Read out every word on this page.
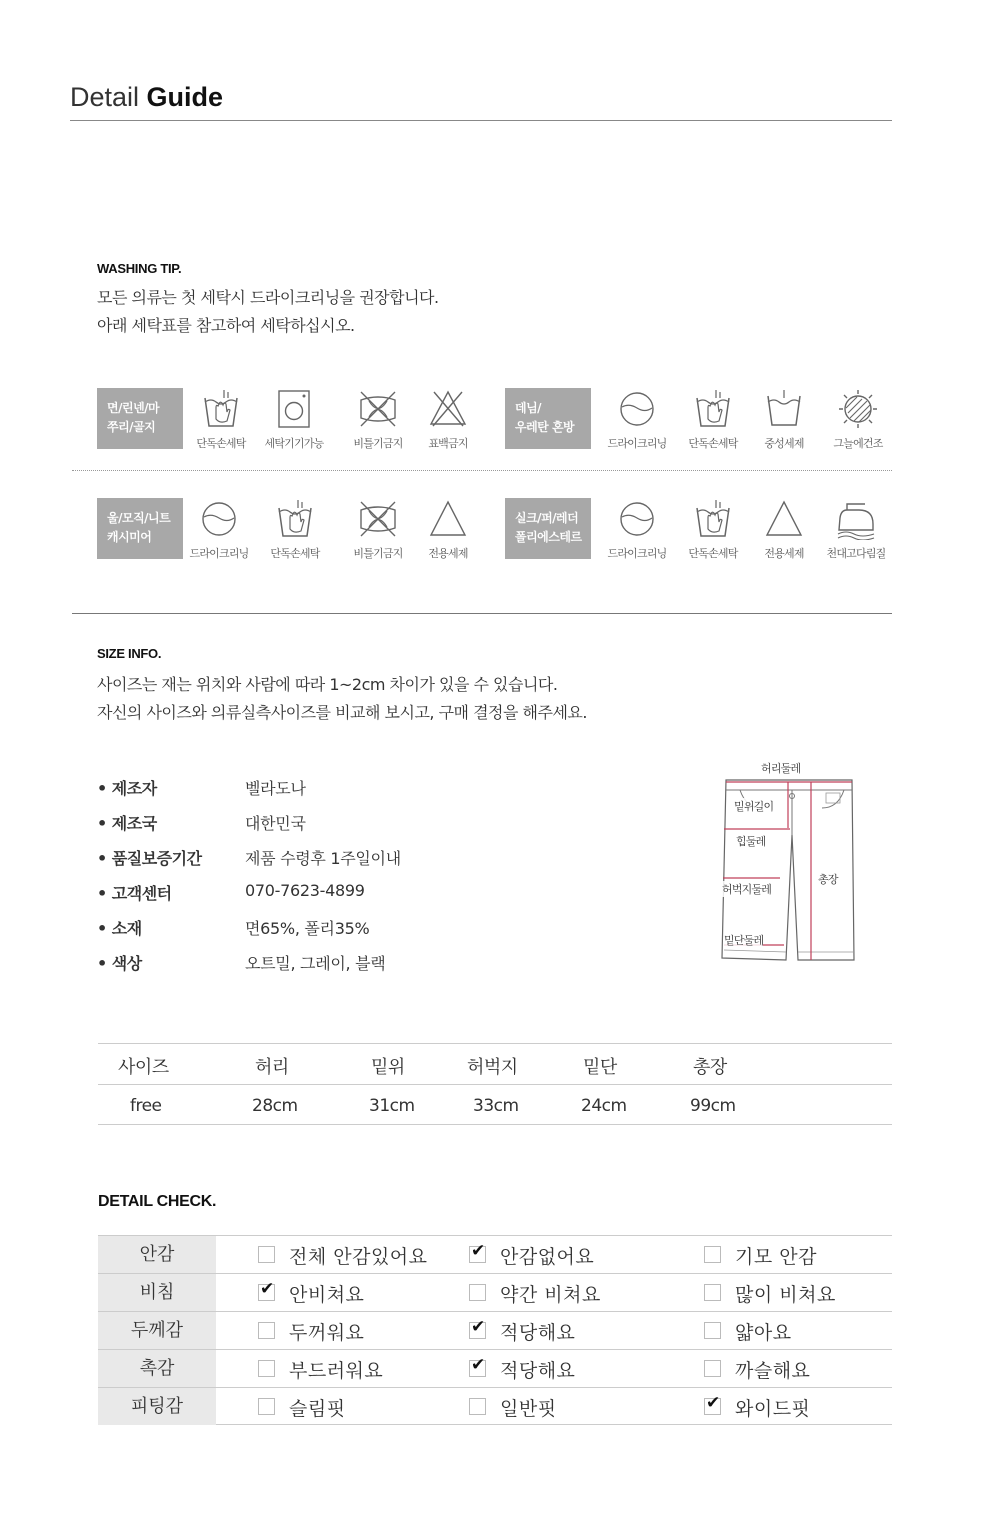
Detail Guide
WASHING TIP.
모든 의류는 첫 세탁시 드라이크리닝을 권장합니다.
아래 세탁표를 참고하여 세탁하십시오.
면/린넨/마
쭈리/골지
단독손세탁	세탁기기가능	비틀기금지	표백금지
데님/
우레탄 혼방
드라이크리닝	단독손세탁	중성세제	그늘에건조
울/모직/니트
캐시미어
드라이크리닝	단독손세탁	비틀기금지	전용세제
실크/퍼/레더
폴리에스테르
드라이크리닝	단독손세탁	전용세제	천대고다림질
SIZE INFO.
사이즈는 재는 위치와 사람에 따라 1~2cm 차이가 있을 수 있습니다.
자신의 사이즈와 의류실측사이즈를 비교해 보시고, 구매 결정을 해주세요.
• 제조자	벨라도나
• 제조국	대한민국
• 품질보증기간	제품 수령후 1주일이내
• 고객센터	070-7623-4899
• 소재	면65%, 폴리35%
• 색상	오트밀, 그레이, 블랙
허리둘레
밑위길이
힙둘레
허벅지둘레
밑단둘레
총장
사이즈	허리	밑위	허벅지	밑단	총장
free	28cm	31cm	33cm	24cm	99cm
DETAIL CHECK.
안감	전체 안감있어요	✔ 안감없어요	기모 안감
비침	✔ 안비쳐요	약간 비쳐요	많이 비쳐요
두께감	두꺼워요	✔ 적당해요	얇아요
촉감	부드러워요	✔ 적당해요	까슬해요
피팅감	슬림핏	일반핏	✔ 와이드핏
